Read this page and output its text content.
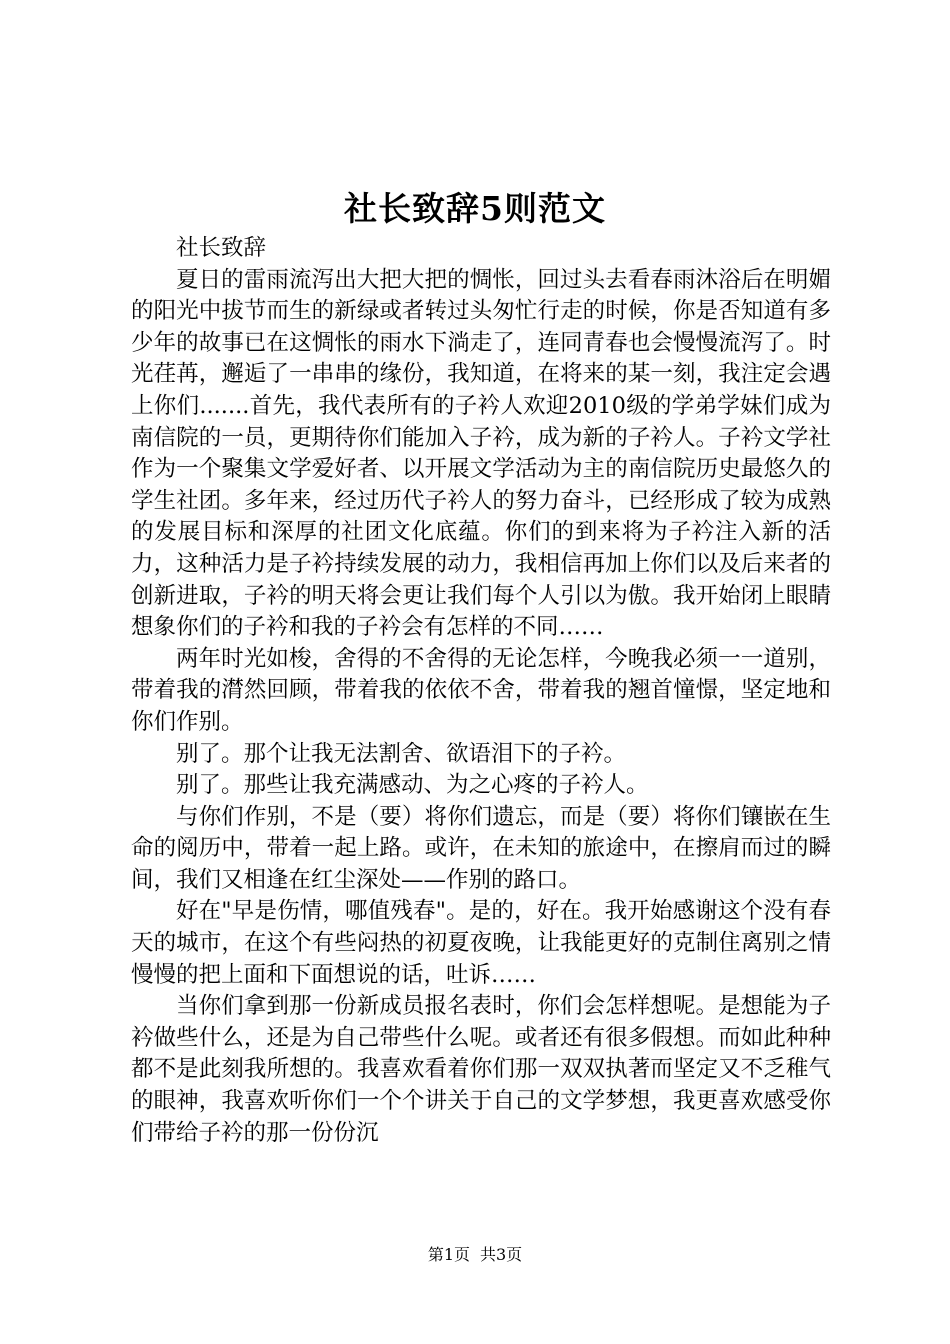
社长致辞5则范文

社长致辞

夏日的雷雨流泻出大把大把的惆怅，回过头去看春雨沐浴后在明媚的阳光中拔节而生的新绿或者转过头匆忙行走的时候，你是否知道有多少年的故事已在这惆怅的雨水下淌走了，连同青春也会慢慢流泻了。时光荏苒，邂逅了一串串的缘份，我知道，在将来的某一刻，我注定会遇上你们.......首先，我代表所有的子衿人欢迎2010级的学弟学妹们成为南信院的一员，更期待你们能加入子衿，成为新的子衿人。子衿文学社作为一个聚集文学爱好者、以开展文学活动为主的南信院历史最悠久的学生社团。多年来，经过历代子衿人的努力奋斗，已经形成了较为成熟的发展目标和深厚的社团文化底蕴。你们的到来将为子衿注入新的活力，这种活力是子衿持续发展的动力，我相信再加上你们以及后来者的创新进取，子衿的明天将会更让我们每个人引以为傲。我开始闭上眼睛想象你们的子衿和我的子衿会有怎样的不同……

两年时光如梭，舍得的不舍得的无论怎样，今晚我必须一一道别，带着我的潸然回顾，带着我的依依不舍，带着我的翘首憧憬，坚定地和你们作别。

别了。那个让我无法割舍、欲语泪下的子衿。

别了。那些让我充满感动、为之心疼的子衿人。

与你们作别，不是（要）将你们遗忘，而是（要）将你们镶嵌在生命的阅历中，带着一起上路。或许，在未知的旅途中，在擦肩而过的瞬间，我们又相逢在红尘深处——作别的路口。

好在"早是伤情，哪值残春"。是的，好在。我开始感谢这个没有春天的城市，在这个有些闷热的初夏夜晚，让我能更好的克制住离别之情慢慢的把上面和下面想说的话，吐诉……

当你们拿到那一份新成员报名表时，你们会怎样想呢。是想能为子衿做些什么，还是为自己带些什么呢。或者还有很多假想。而如此种种都不是此刻我所想的。我喜欢看着你们那一双双执著而坚定又不乏稚气的眼神，我喜欢听你们一个个讲关于自己的文学梦想，我更喜欢感受你们带给子衿的那一份份沉

第1页 共3页
